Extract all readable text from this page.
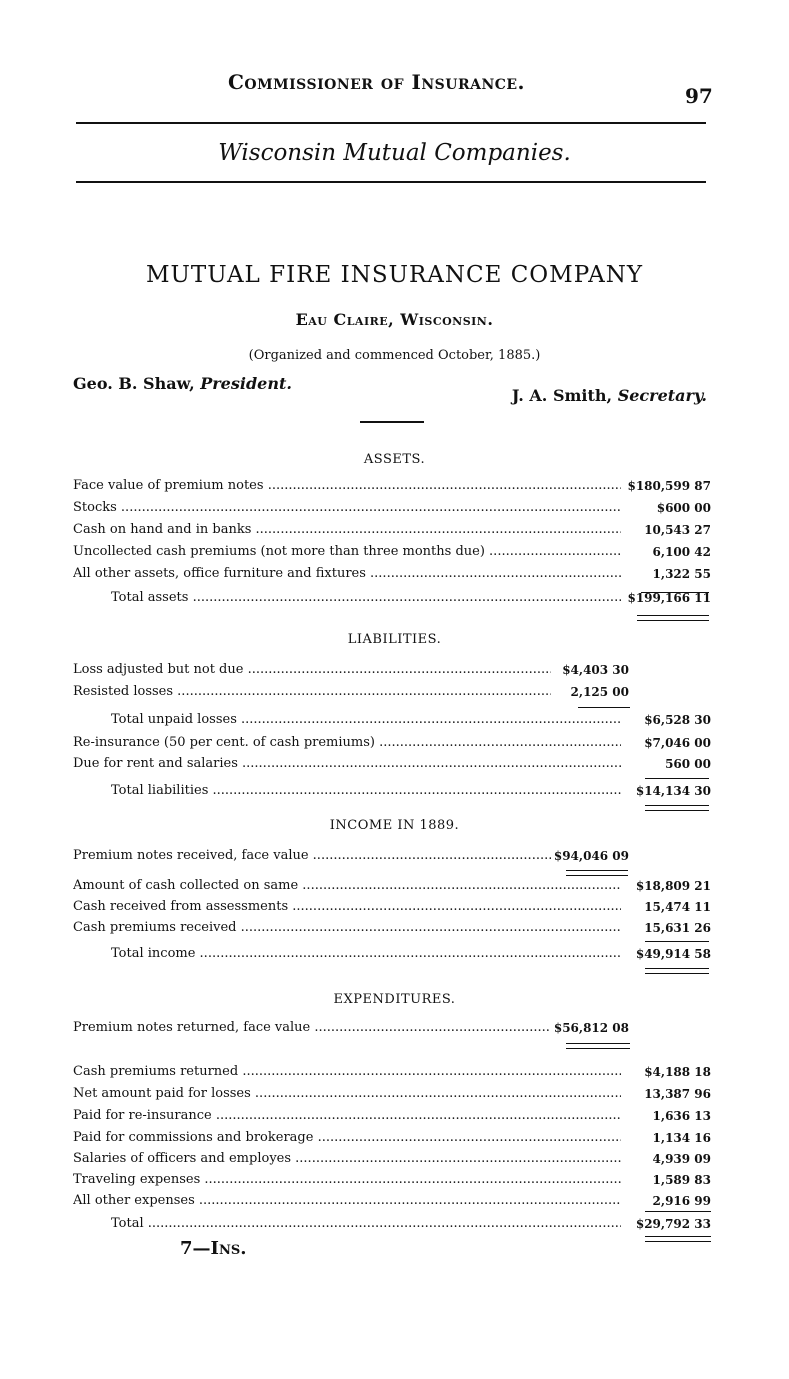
Commissioner of Insurance.
97
Wisconsin Mutual Companies.
MUTUAL FIRE INSURANCE COMPANY
Eau Claire, Wisconsin.
(Organized and commenced October, 1885.)
Geo. B. Shaw, President.
J. A. Smith, Secretary.
ASSETS.
Face value of premium notes .....	$180,599 87
Stocks .....	$600 00
Cash on hand and in banks .....	10,543 27
Uncollected cash premiums (not more than three months due) .....	6,100 42
All other assets, office furniture and fixtures .....	1,322 55
Total assets .....	$199,166 11
LIABILITIES.
Loss adjusted but not due .....	$4,403 30
Resisted losses .....	2,125 00
Total unpaid losses .....	$6,528 30
Re-insurance (50 per cent. of cash premiums) .....	$7,046 00
Due for rent and salaries .....	560 00
Total liabilities .....	$14,134 30
INCOME IN 1889.
Premium notes received, face value .....	$94,046 09
Amount of cash collected on same .....	$18,809 21
Cash received from assessments .....	15,474 11
Cash premiums received .....	15,631 26
Total income .....	$49,914 58
EXPENDITURES.
Premium notes returned, face value .....	$56,812 08
Cash premiums returned .....	$4,188 18
Net amount paid for losses .....	13,387 96
Paid for re-insurance .....	1,636 13
Paid for commissions and brokerage .....	1,134 16
Salaries of officers and employes .....	4,939 09
Traveling expenses .....	1,589 83
All other expenses .....	2,916 99
Total .....	$29,792 33
7—Ins.
